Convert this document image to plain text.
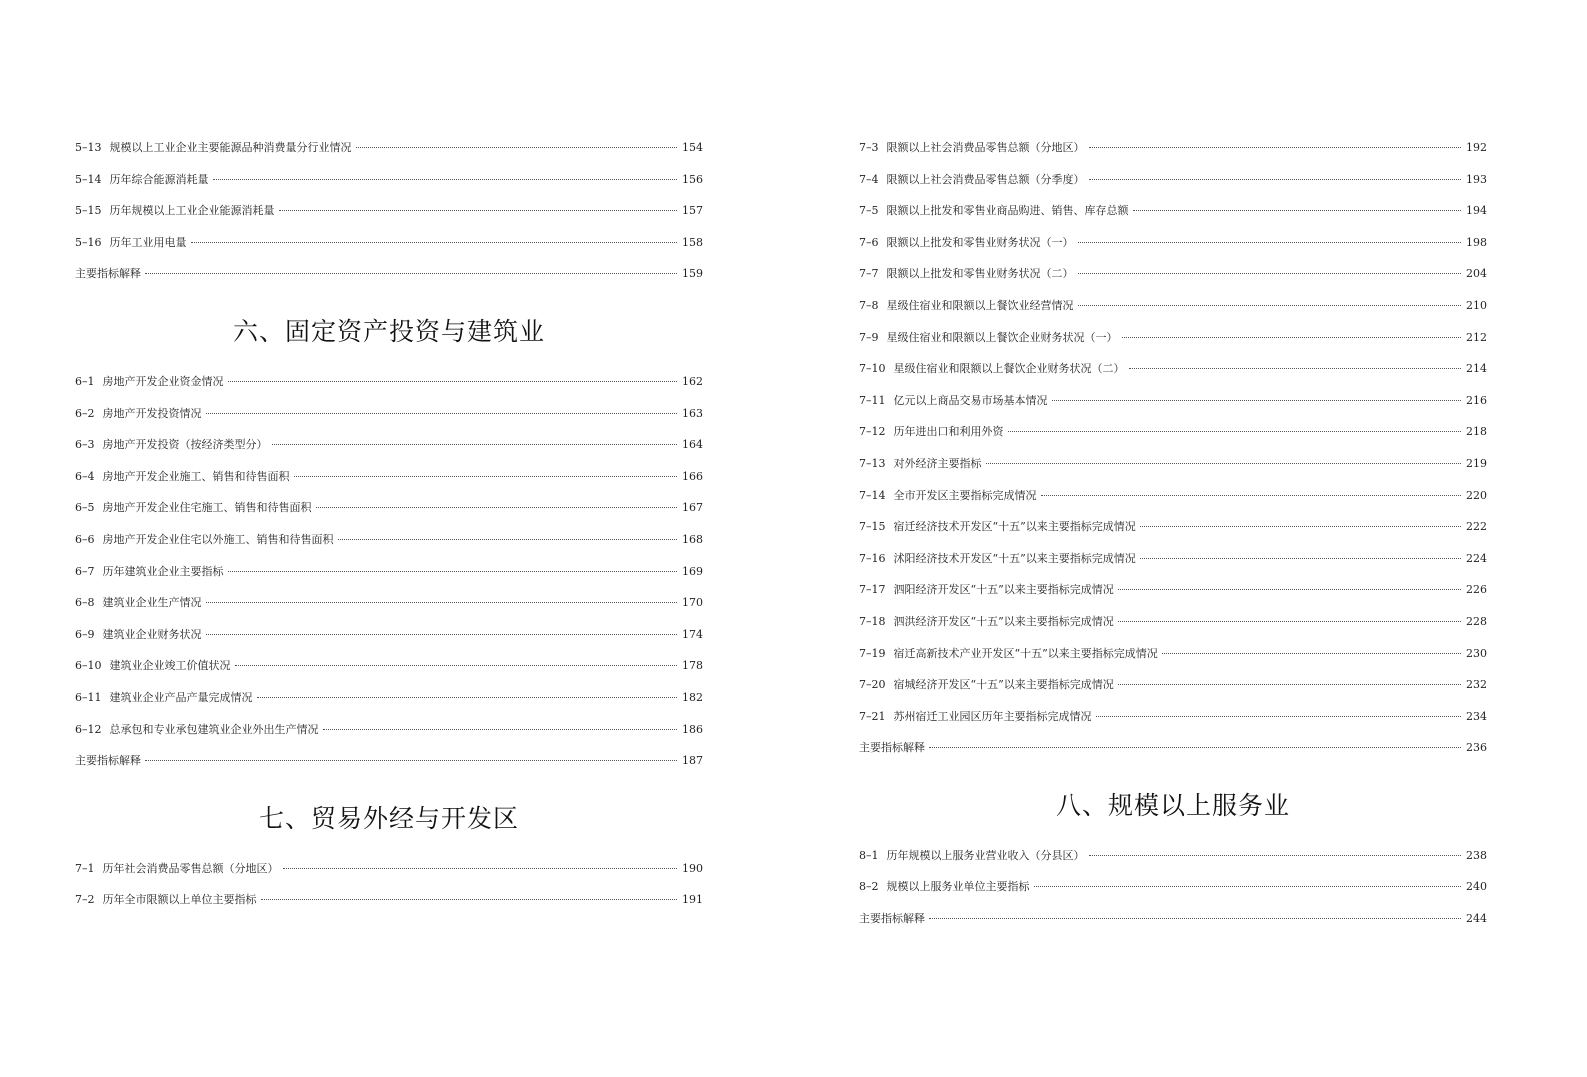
5–13 规模以上工业企业主要能源品种消费量分行业情况	154
5–14 历年综合能源消耗量	156
5–15 历年规模以上工业企业能源消耗量	157
5–16 历年工业用电量	158
主要指标解释	159
六、固定资产投资与建筑业
6–1 房地产开发企业资金情况	162
6–2 房地产开发投资情况	163
6–3 房地产开发投资（按经济类型分）	164
6–4 房地产开发企业施工、销售和待售面积	166
6–5 房地产开发企业住宅施工、销售和待售面积	167
6–6 房地产开发企业住宅以外施工、销售和待售面积	168
6–7 历年建筑业企业主要指标	169
6–8 建筑业企业生产情况	170
6–9 建筑业企业财务状况	174
6–10 建筑业企业竣工价值状况	178
6–11 建筑业企业产品产量完成情况	182
6–12 总承包和专业承包建筑业企业外出生产情况	186
主要指标解释	187
七、贸易外经与开发区
7–1 历年社会消费品零售总额（分地区）	190
7–2 历年全市限额以上单位主要指标	191
7–3 限额以上社会消费品零售总额（分地区）	192
7–4 限额以上社会消费品零售总额（分季度）	193
7–5 限额以上批发和零售业商品购进、销售、库存总额	194
7–6 限额以上批发和零售业财务状况（一）	198
7–7 限额以上批发和零售业财务状况（二）	204
7–8 星级住宿业和限额以上餐饮业经营情况	210
7–9 星级住宿业和限额以上餐饮企业财务状况（一）	212
7–10 星级住宿业和限额以上餐饮企业财务状况（二）	214
7–11 亿元以上商品交易市场基本情况	216
7–12 历年进出口和利用外资	218
7–13 对外经济主要指标	219
7–14 全市开发区主要指标完成情况	220
7–15 宿迁经济技术开发区“十五”以来主要指标完成情况	222
7–16 沭阳经济技术开发区“十五”以来主要指标完成情况	224
7–17 泗阳经济开发区“十五”以来主要指标完成情况	226
7–18 泗洪经济开发区“十五”以来主要指标完成情况	228
7–19 宿迁高新技术产业开发区“十五”以来主要指标完成情况	230
7–20 宿城经济开发区“十五”以来主要指标完成情况	232
7–21 苏州宿迁工业园区历年主要指标完成情况	234
主要指标解释	236
八、规模以上服务业
8–1 历年规模以上服务业营业收入（分县区）	238
8–2 规模以上服务业单位主要指标	240
主要指标解释	244
